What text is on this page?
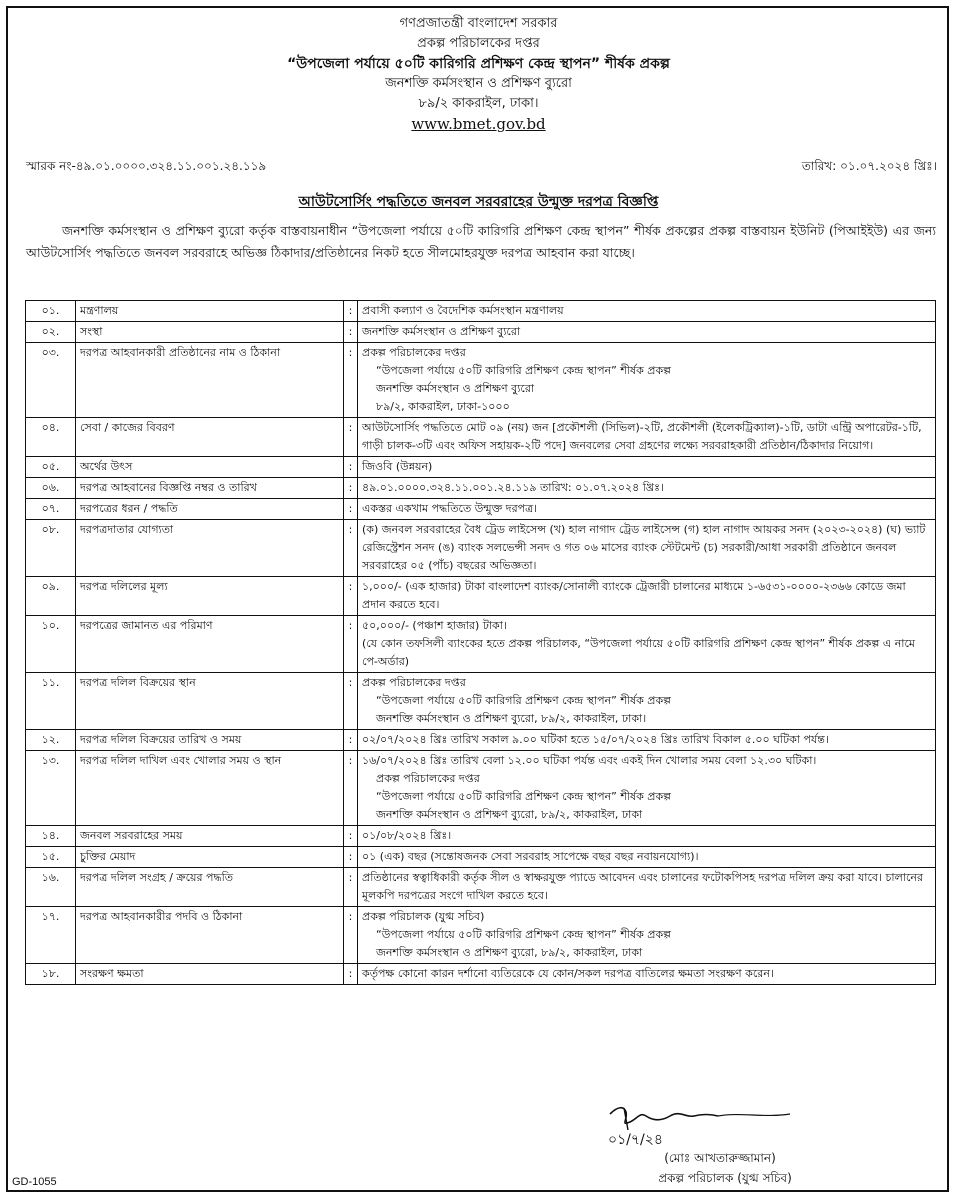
গণপ্রজাতন্ত্রী বাংলাদেশ সরকার
প্রকল্প পরিচালকের দপ্তর
“উপজেলা পর্যায়ে ৫০টি কারিগরি প্রশিক্ষণ কেন্দ্র স্থাপন” শীর্ষক প্রকল্প
জনশক্তি কর্মসংস্থান ও প্রশিক্ষণ ব্যুরো
৮৯/২ কাকরাইল, ঢাকা।
www.bmet.gov.bd
স্মারক নং-৪৯.০১.০০০০.৩২৪.১১.০০১.২৪.১১৯	তারিখ: ০১.০৭.২০২৪ খ্রিঃ।
আউটসোর্সিং পদ্ধতিতে জনবল সরবরাহের উন্মুক্ত দরপত্র বিজ্ঞপ্তি

জনশক্তি কর্মসংস্থান ও প্রশিক্ষণ ব্যুরো কর্তৃক বাস্তবায়নাধীন “উপজেলা পর্যায়ে ৫০টি কারিগরি প্রশিক্ষণ কেন্দ্র স্থাপন” শীর্ষক প্রকল্পের প্রকল্প বাস্তবায়ন ইউনিট (পিআইইউ) এর জন্য আউটসোর্সিং পদ্ধতিতে জনবল সরবরাহে অভিজ্ঞ ঠিকাদার/প্রতিষ্ঠানের নিকট হতে সীলমোহরযুক্ত দরপত্র আহবান করা যাচ্ছে।

০১.	মন্ত্রণালয়	:	প্রবাসী কল্যাণ ও বৈদেশিক কর্মসংস্থান মন্ত্রণালয়

০২.	সংস্থা	:	জনশক্তি কর্মসংস্থান ও প্রশিক্ষণ ব্যুরো

০৩.	দরপত্র আহবানকারী প্রতিষ্ঠানের নাম ও ঠিকানা	:	প্রকল্প পরিচালকের দপ্তর
“উপজেলা পর্যায়ে ৫০টি কারিগরি প্রশিক্ষণ কেন্দ্র স্থাপন” শীর্ষক প্রকল্প
জনশক্তি কর্মসংস্থান ও প্রশিক্ষণ ব্যুরো
৮৯/২, কাকরাইল, ঢাকা-১০০০

০৪.	সেবা / কাজের বিবরণ	:	আউটসোর্সিং পদ্ধতিতে মোট ০৯ (নয়) জন [প্রকৌশলী (সিভিল)-২টি, প্রকৌশলী (ইলেকট্রিক্যাল)-১টি, ডাটা এন্ট্রি অপারেটর-১টি, গাড়ী চালক-৩টি এবং অফিস সহায়ক-২টি পদে] জনবলের সেবা গ্রহণের লক্ষ্যে সরবরাহকারী প্রতিষ্ঠান/ঠিকাদার নিয়োগ।

০৫.	অর্থের উৎস	:	জিওবি (উন্নয়ন)

০৬.	দরপত্র আহবানের বিজ্ঞপ্তি নম্বর ও তারিখ	:	৪৯.০১.০০০০.৩২৪.১১.০০১.২৪.১১৯ তারিখ: ০১.০৭.২০২৪ খ্রিঃ।

০৭.	দরপত্রের ধরন / পদ্ধতি	:	একস্তর একখাম পদ্ধতিতে উন্মুক্ত দরপত্র।

০৮.	দরপত্রদাতার যোগ্যতা	:	(ক) জনবল সরবরাহের বৈধ ট্রেড লাইসেন্স (খ) হাল নাগাদ ট্রেড লাইসেন্স (গ) হাল নাগাদ আয়কর সনদ (২০২৩-২০২৪) (ঘ) ভ্যাট রেজিস্ট্রেশন সনদ (ঙ) ব্যাংক সলভেন্সী সনদ ও গত ০৬ মাসের ব্যাংক স্টেটমেন্ট (চ) সরকারী/আধা সরকারী প্রতিষ্ঠানে জনবল সরবরাহের ০৫ (পাঁচ) বছরের অভিজ্ঞতা।

০৯.	দরপত্র দলিলের মূল্য	:	১,০০০/- (এক হাজার) টাকা বাংলাদেশ ব্যাংক/সোনালী ব্যাংকে ট্রেজারী চালানের মাধ্যমে ১-৬৫৩১-০০০০-২৩৬৬ কোডে জমা প্রদান করতে হবে।

১০.	দরপত্রের জামানত এর পরিমাণ	:	৫০,০০০/- (পঞ্চাশ হাজার) টাকা।
(যে কোন তফসিলী ব্যাংকের হতে প্রকল্প পরিচালক, “উপজেলা পর্যায়ে ৫০টি কারিগরি প্রশিক্ষণ কেন্দ্র স্থাপন” শীর্ষক প্রকল্প এ নামে পে-অর্ডার)

১১.	দরপত্র দলিল বিক্রয়ের স্থান	:	প্রকল্প পরিচালকের দপ্তর
“উপজেলা পর্যায়ে ৫০টি কারিগরি প্রশিক্ষণ কেন্দ্র স্থাপন” শীর্ষক প্রকল্প
জনশক্তি কর্মসংস্থান ও প্রশিক্ষণ ব্যুরো, ৮৯/২, কাকরাইল, ঢাকা।

১২.	দরপত্র দলিল বিক্রয়ের তারিখ ও সময়	:	০২/০৭/২০২৪ খ্রিঃ তারিখ সকাল ৯.০০ ঘটিকা হতে ১৫/০৭/২০২৪ খ্রিঃ তারিখ বিকাল ৫.০০ ঘটিকা পর্যন্ত।

১৩.	দরপত্র দলিল দাখিল এবং খোলার সময় ও স্থান	:	১৬/০৭/২০২৪ খ্রিঃ তারিখ বেলা ১২.০০ ঘটিকা পর্যন্ত এবং একই দিন খোলার সময় বেলা ১২.৩০ ঘটিকা।
প্রকল্প পরিচালকের দপ্তর
“উপজেলা পর্যায়ে ৫০টি কারিগরি প্রশিক্ষণ কেন্দ্র স্থাপন” শীর্ষক প্রকল্প
জনশক্তি কর্মসংস্থান ও প্রশিক্ষণ ব্যুরো, ৮৯/২, কাকরাইল, ঢাকা

১৪.	জনবল সরবরাহের সময়	:	০১/০৮/২০২৪ খ্রিঃ।

১৫.	চুক্তির মেয়াদ	:	০১ (এক) বছর (সন্তোষজনক সেবা সরবরাহ সাপেক্ষে বছর বছর নবায়নযোগ্য)।

১৬.	দরপত্র দলিল সংগ্রহ / ক্রয়ের পদ্ধতি	:	প্রতিষ্ঠানের স্বত্বাধিকারী কর্তৃক সীল ও স্বাক্ষরযুক্ত প্যাডে আবেদন এবং চালানের ফটোকপিসহ দরপত্র দলিল ক্রয় করা যাবে। চালানের মূলকপি দরপত্রের সংগে দাখিল করতে হবে।

১৭.	দরপত্র আহবানকারীর পদবি ও ঠিকানা	:	প্রকল্প পরিচালক (যুগ্ম সচিব)
“উপজেলা পর্যায়ে ৫০টি কারিগরি প্রশিক্ষণ কেন্দ্র স্থাপন” শীর্ষক প্রকল্প
জনশক্তি কর্মসংস্থান ও প্রশিক্ষণ ব্যুরো, ৮৯/২, কাকরাইল, ঢাকা

১৮.	সংরক্ষণ ক্ষমতা	:	কর্তৃপক্ষ কোনো কারন দর্শানো ব্যতিরেকে যে কোন/সকল দরপত্র বাতিলের ক্ষমতা সংরক্ষণ করেন।
০১/৭/২৪
(মোঃ আখতারুজ্জামান)
প্রকল্প পরিচালক (যুগ্ম সচিব)
GD-1055
